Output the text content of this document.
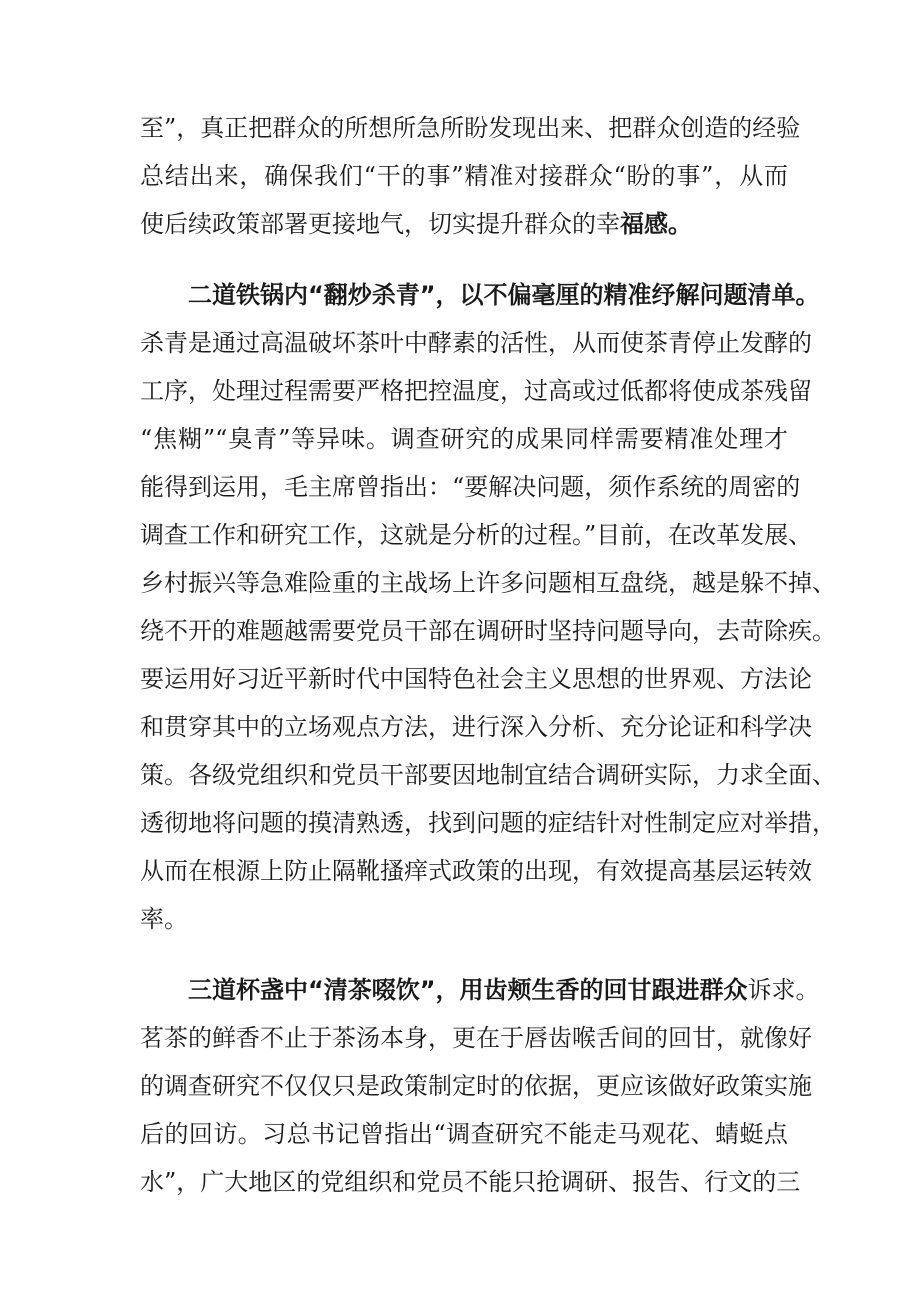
至”，真正把群众的所想所急所盼发现出来、把群众创造的经验
总结出来，确保我们“干的事”精准对接群众“盼的事”，从而
使后续政策部署更接地气，切实提升群众的幸福感。
二道铁锅内“翻炒杀青”，以不偏毫厘的精准纾解问题清单。
杀青是通过高温破坏茶叶中酵素的活性，从而使茶青停止发酵的
工序，处理过程需要严格把控温度，过高或过低都将使成茶残留
“焦糊”“臭青”等异味。调查研究的成果同样需要精准处理才
能得到运用，毛主席曾指出：“要解决问题，须作系统的周密的
调查工作和研究工作，这就是分析的过程。”目前，在改革发展、
乡村振兴等急难险重的主战场上许多问题相互盘绕，越是躲不掉、
绕不开的难题越需要党员干部在调研时坚持问题导向，去苛除疾。
要运用好习近平新时代中国特色社会主义思想的世界观、方法论
和贯穿其中的立场观点方法，进行深入分析、充分论证和科学决
策。各级党组织和党员干部要因地制宜结合调研实际，力求全面、
透彻地将问题的摸清熟透，找到问题的症结针对性制定应对举措，
从而在根源上防止隔靴搔痒式政策的出现，有效提高基层运转效
率。
三道杯盏中“清茶啜饮”，用齿颊生香的回甘跟进群众诉求。
茗茶的鲜香不止于茶汤本身，更在于唇齿喉舌间的回甘，就像好
的调查研究不仅仅只是政策制定时的依据，更应该做好政策实施
后的回访。习总书记曾指出“调查研究不能走马观花、蜻蜓点
水”，广大地区的党组织和党员不能只抢调研、报告、行文的三
